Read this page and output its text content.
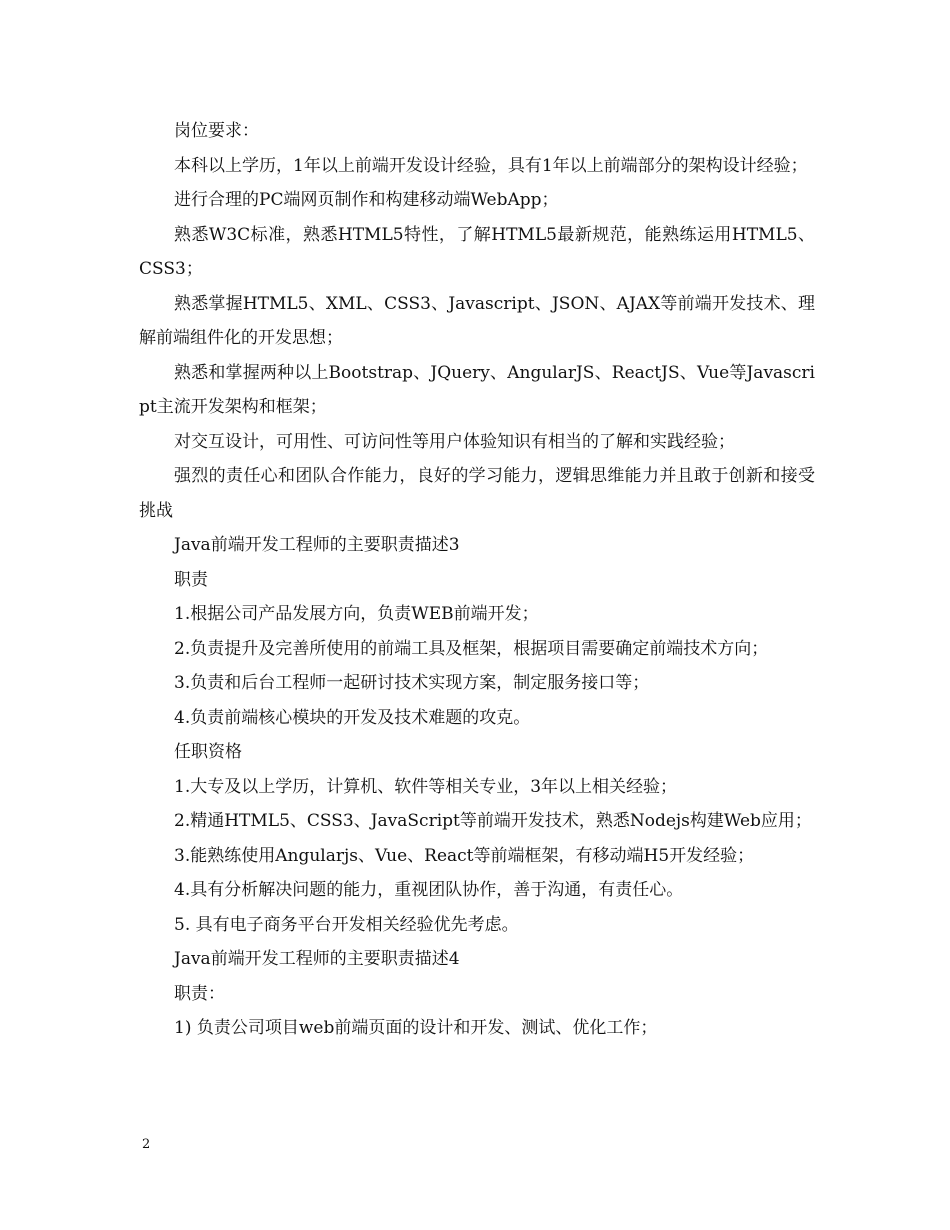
岗位要求：

本科以上学历，1年以上前端开发设计经验，具有1年以上前端部分的架构设计经验；

进行合理的PC端网页制作和构建移动端WebApp；

熟悉W3C标准，熟悉HTML5特性，了解HTML5最新规范，能熟练运用HTML5、CSS3；

熟悉掌握HTML5、XML、CSS3、Javascript、JSON、AJAX等前端开发技术、理解前端组件化的开发思想；

熟悉和掌握两种以上Bootstrap、JQuery、AngularJS、ReactJS、Vue等Javascript主流开发架构和框架；

对交互设计，可用性、可访问性等用户体验知识有相当的了解和实践经验；

强烈的责任心和团队合作能力，良好的学习能力，逻辑思维能力并且敢于创新和接受挑战

Java前端开发工程师的主要职责描述3

职责

1.根据公司产品发展方向，负责WEB前端开发；

2.负责提升及完善所使用的前端工具及框架，根据项目需要确定前端技术方向；

3.负责和后台工程师一起研讨技术实现方案，制定服务接口等；

4.负责前端核心模块的开发及技术难题的攻克。

任职资格

1.大专及以上学历，计算机、软件等相关专业，3年以上相关经验；

2.精通HTML5、CSS3、JavaScript等前端开发技术，熟悉Nodejs构建Web应用；

3.能熟练使用Angularjs、Vue、React等前端框架，有移动端H5开发经验；

4.具有分析解决问题的能力，重视团队协作，善于沟通，有责任心。

5. 具有电子商务平台开发相关经验优先考虑。

Java前端开发工程师的主要职责描述4

职责：

1) 负责公司项目web前端页面的设计和开发、测试、优化工作；

2
